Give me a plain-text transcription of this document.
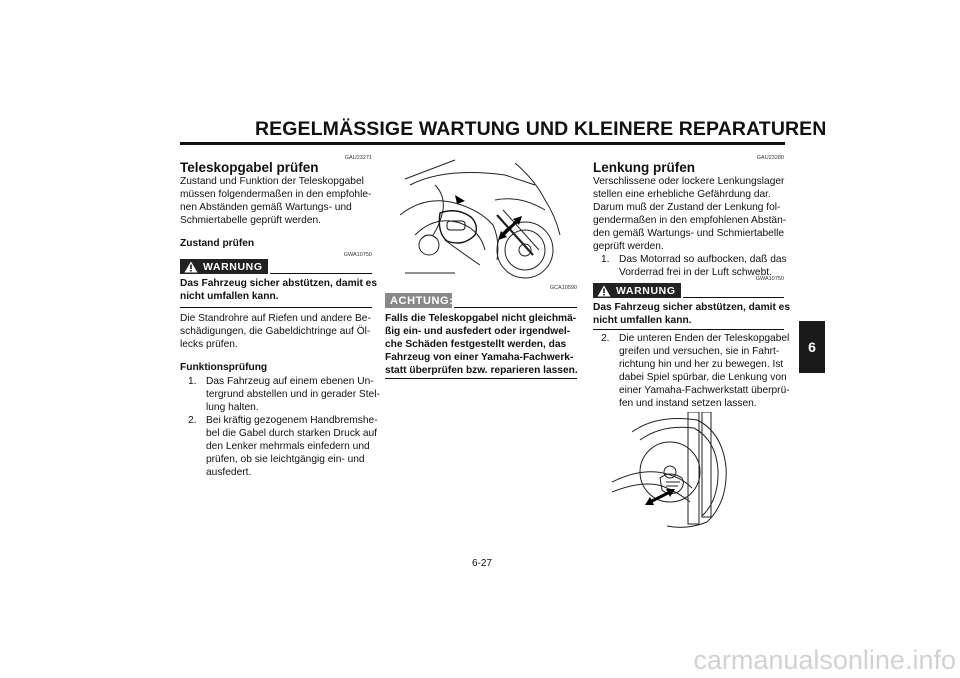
REGELMÄSSIGE WARTUNG UND KLEINERE REPARATUREN
GAU23271
Teleskopgabel prüfen
Zustand und Funktion der Teleskopgabel
müssen folgendermaßen in den empfohle-
nen Abständen gemäß Wartungs- und
Schmiertabelle geprüft werden.
Zustand prüfen
GWA10750
WARNUNG
Das Fahrzeug sicher abstützen, damit es
nicht umfallen kann.
Die Standrohre auf Riefen und andere Be-
schädigungen, die Gabeldichtringe auf Öl-
lecks prüfen.
Funktionsprüfung
1. Das Fahrzeug auf einem ebenen Un-
tergrund abstellen und in gerader Stel-
lung halten.
2. Bei kräftig gezogenem Handbremshe-
bel die Gabel durch starken Druck auf
den Lenker mehrmals einfedern und
prüfen, ob sie leichtgängig ein- und
ausfedert.
GCA10590
ACHTUNG:
Falls die Teleskopgabel nicht gleichmä-
ßig ein- und ausfedert oder irgendwel-
che Schäden festgestellt werden, das
Fahrzeug von einer Yamaha-Fachwerk-
statt überprüfen bzw. reparieren lassen.
GAU23280
Lenkung prüfen
Verschlissene oder lockere Lenkungslager
stellen eine erhebliche Gefährdung dar.
Darum muß der Zustand der Lenkung fol-
gendermaßen in den empfohlenen Abstän-
den gemäß Wartungs- und Schmiertabelle
geprüft werden.
1. Das Motorrad so aufbocken, daß das
Vorderrad frei in der Luft schwebt.
GWA10750
WARNUNG
Das Fahrzeug sicher abstützen, damit es
nicht umfallen kann.
2. Die unteren Enden der Teleskopgabel
greifen und versuchen, sie in Fahrt-
richtung hin und her zu bewegen. Ist
dabei Spiel spürbar, die Lenkung von
einer Yamaha-Fachwerkstatt überprü-
fen und instand setzen lassen.
6
6-27
carmanualsonline.info
